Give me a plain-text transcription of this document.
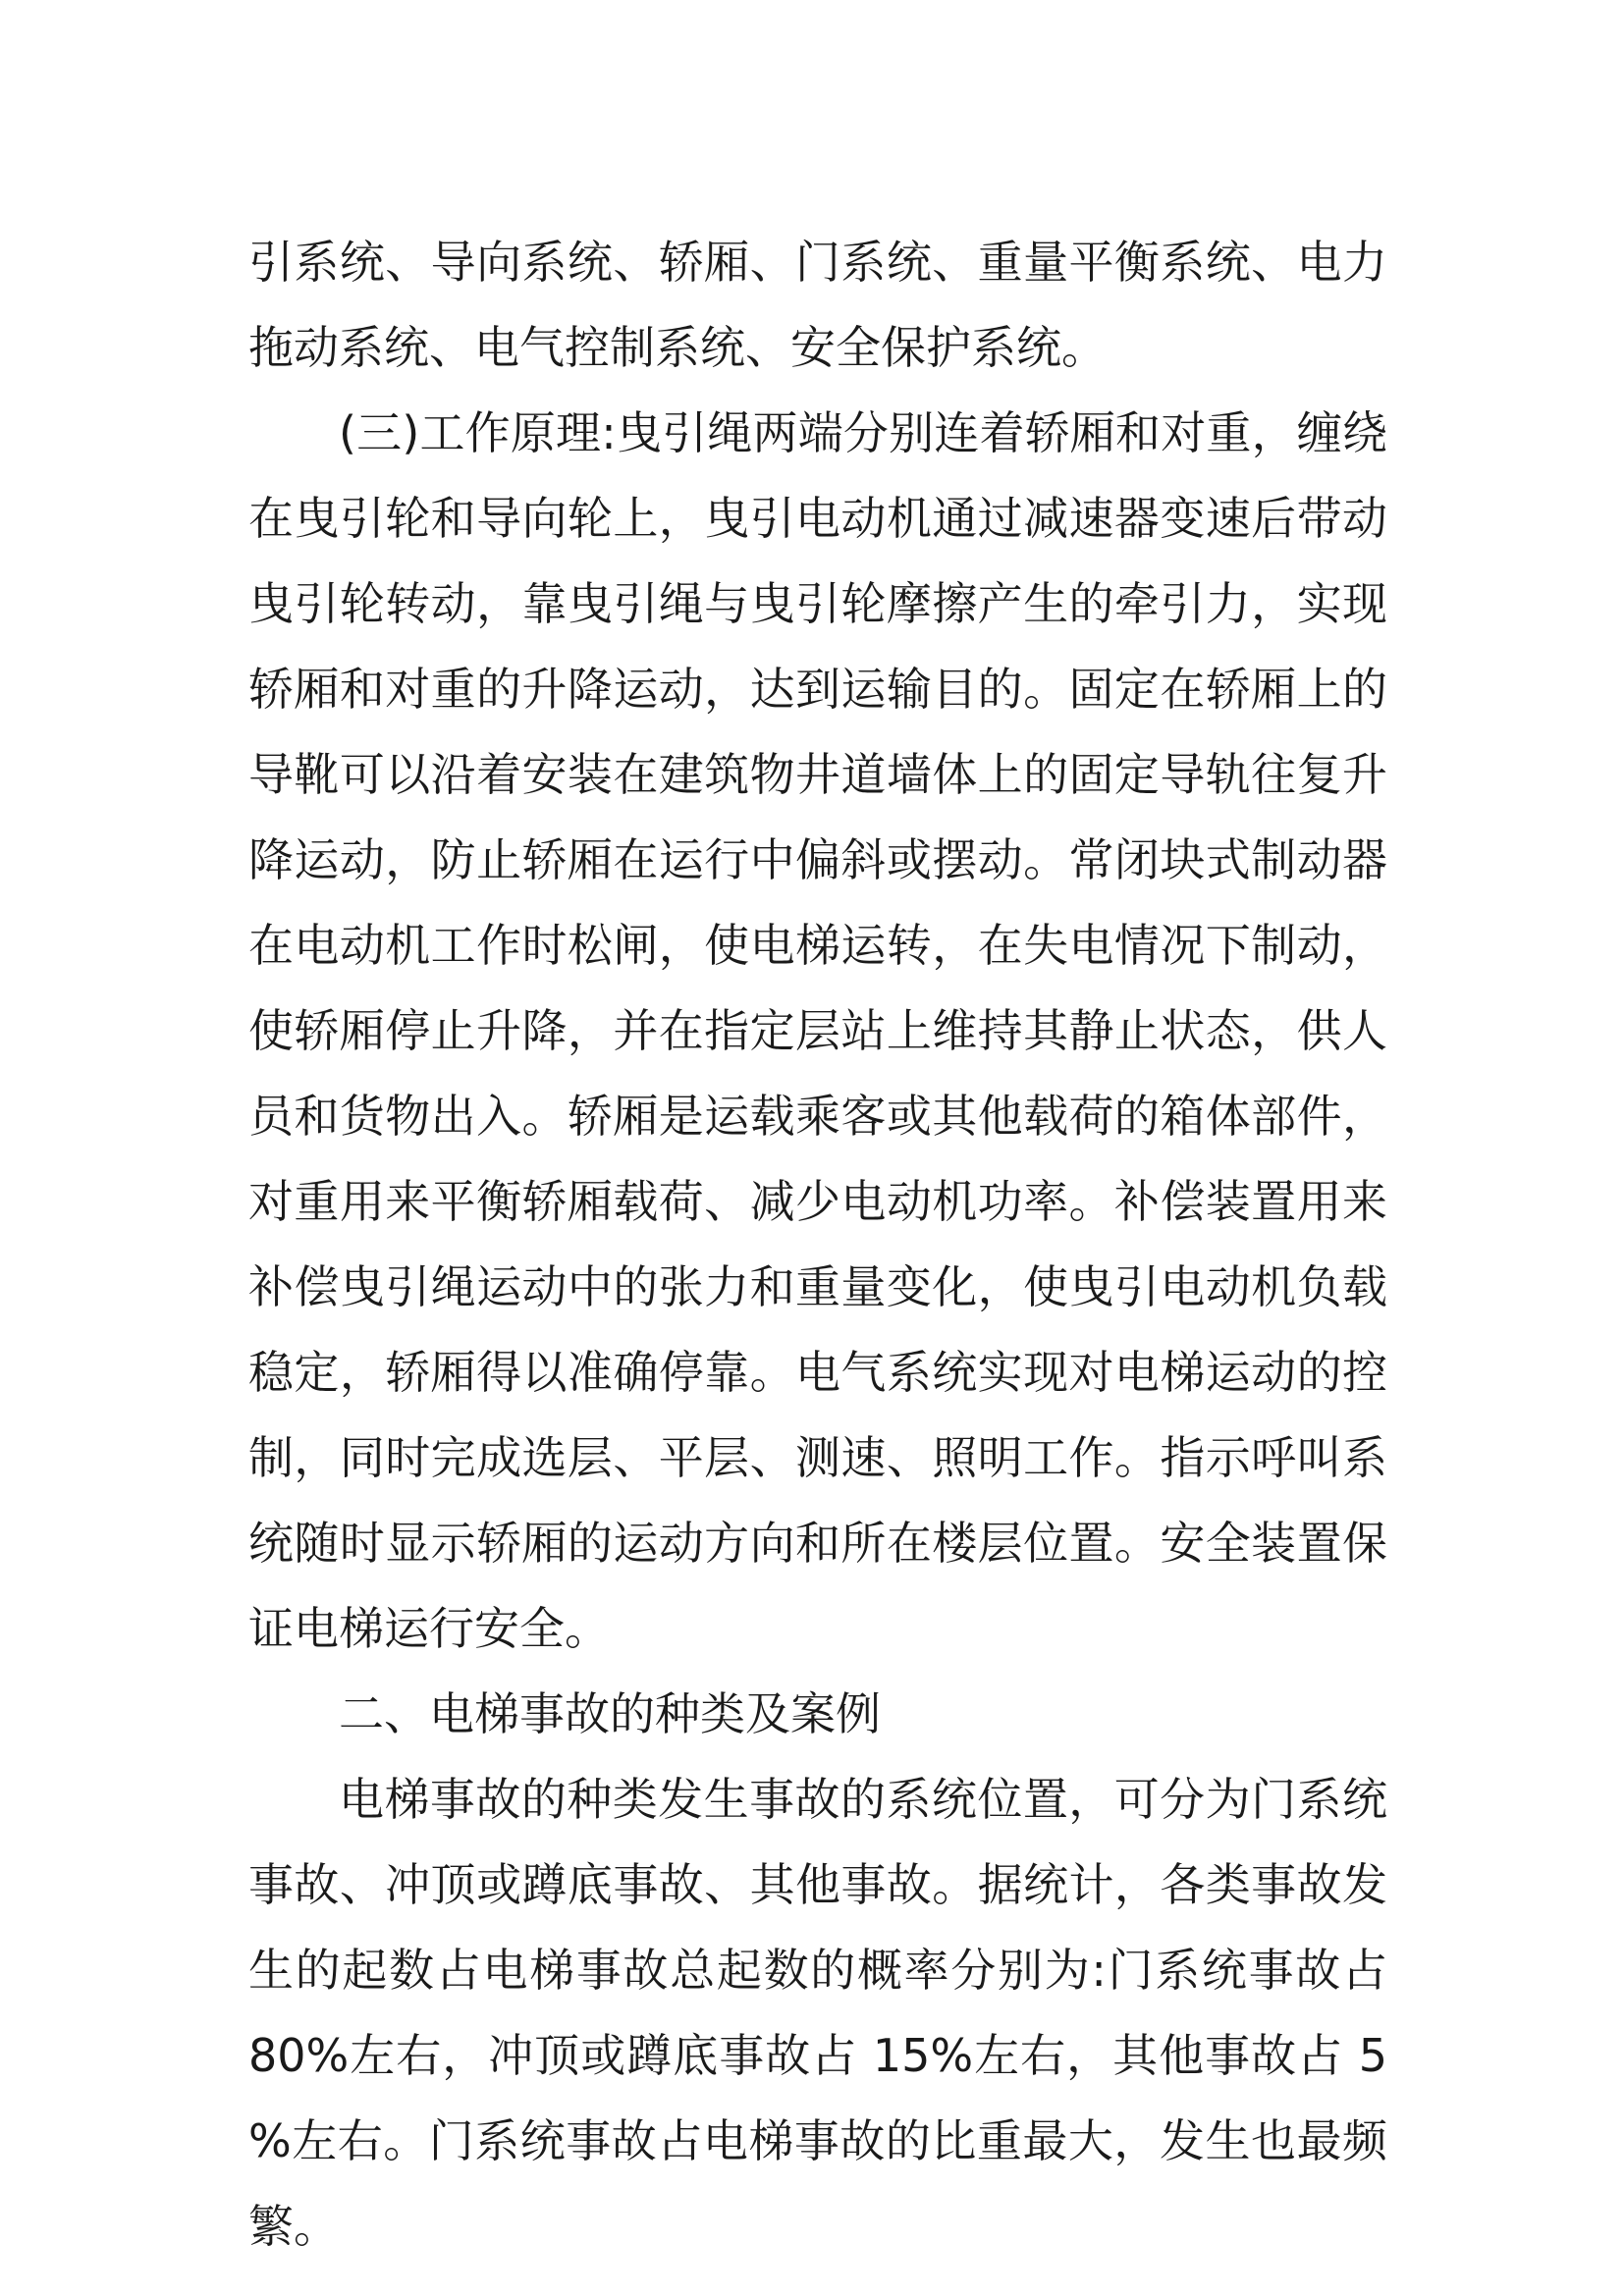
引系统、导向系统、轿厢、门系统、重量平衡系统、电力拖动系统、电气控制系统、安全保护系统。

(三)工作原理:曳引绳两端分别连着轿厢和对重，缠绕在曳引轮和导向轮上，曳引电动机通过减速器变速后带动曳引轮转动，靠曳引绳与曳引轮摩擦产生的牵引力，实现轿厢和对重的升降运动，达到运输目的。固定在轿厢上的导靴可以沿着安装在建筑物井道墙体上的固定导轨往复升降运动，防止轿厢在运行中偏斜或摆动。常闭块式制动器在电动机工作时松闸，使电梯运转，在失电情况下制动，使轿厢停止升降，并在指定层站上维持其静止状态，供人员和货物出入。轿厢是运载乘客或其他载荷的箱体部件，对重用来平衡轿厢载荷、减少电动机功率。补偿装置用来补偿曳引绳运动中的张力和重量变化，使曳引电动机负载稳定，轿厢得以准确停靠。电气系统实现对电梯运动的控制，同时完成选层、平层、测速、照明工作。指示呼叫系统随时显示轿厢的运动方向和所在楼层位置。安全装置保证电梯运行安全。

二、电梯事故的种类及案例

电梯事故的种类发生事故的系统位置，可分为门系统事故、冲顶或蹲底事故、其他事故。据统计，各类事故发生的起数占电梯事故总起数的概率分别为:门系统事故占 80%左右，冲顶或蹲底事故占 15%左右，其他事故占 5%左右。门系统事故占电梯事故的比重最大，发生也最频繁。
